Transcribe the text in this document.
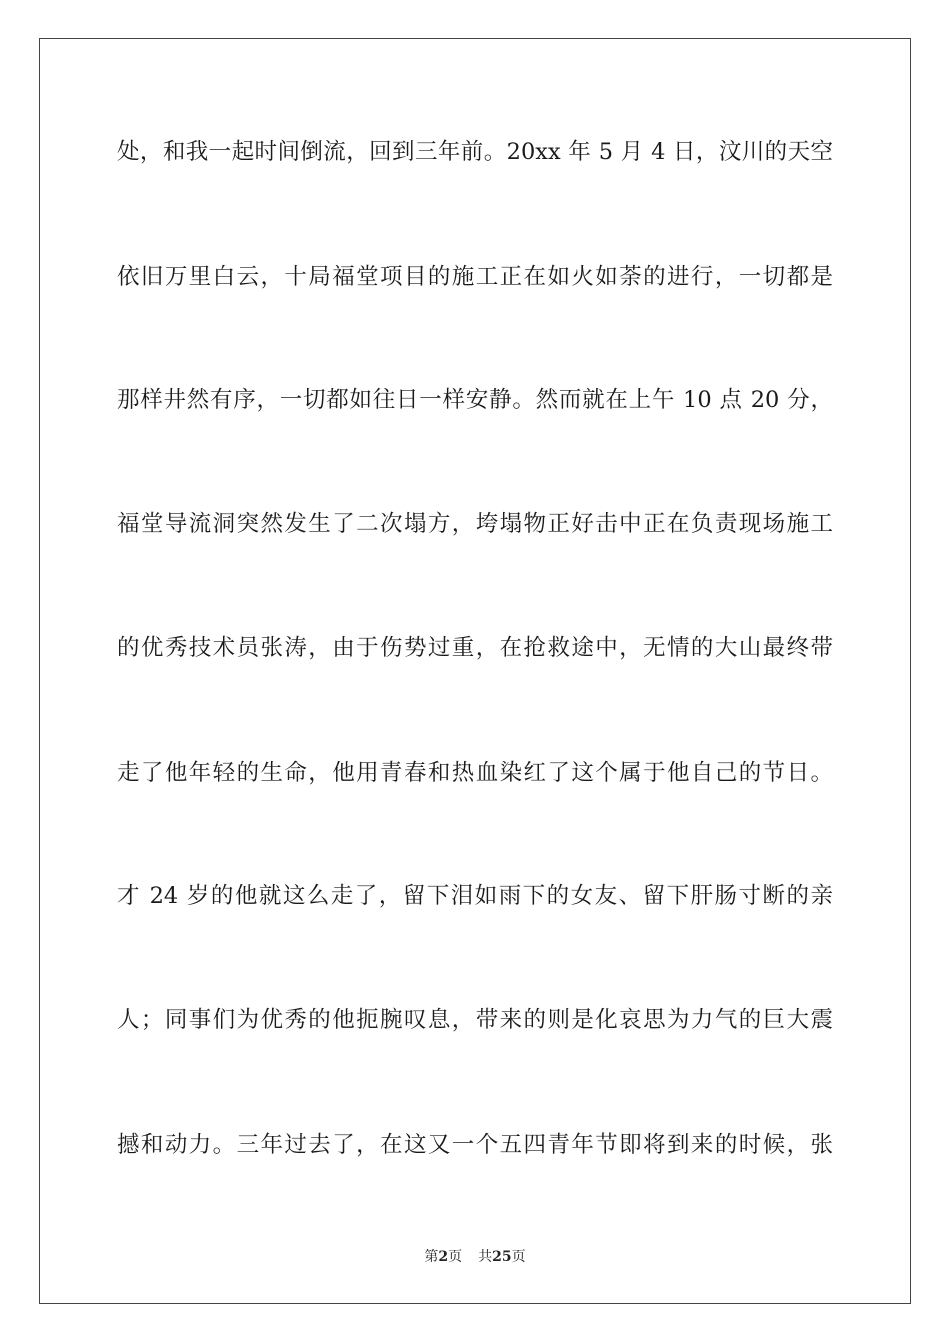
处，和我一起时间倒流，回到三年前。20xx 年 5 月 4 日，汶川的天空
依旧万里白云，十局福堂项目的施工正在如火如荼的进行，一切都是
那样井然有序，一切都如往日一样安静。然而就在上午 10 点 20 分，
福堂导流洞突然发生了二次塌方，垮塌物正好击中正在负责现场施工
的优秀技术员张涛，由于伤势过重，在抢救途中，无情的大山最终带
走了他年轻的生命，他用青春和热血染红了这个属于他自己的节日。
才 24 岁的他就这么走了，留下泪如雨下的女友、留下肝肠寸断的亲
人；同事们为优秀的他扼腕叹息，带来的则是化哀思为力气的巨大震
撼和动力。三年过去了，在这又一个五四青年节即将到来的时候，张
第2页 共25页
